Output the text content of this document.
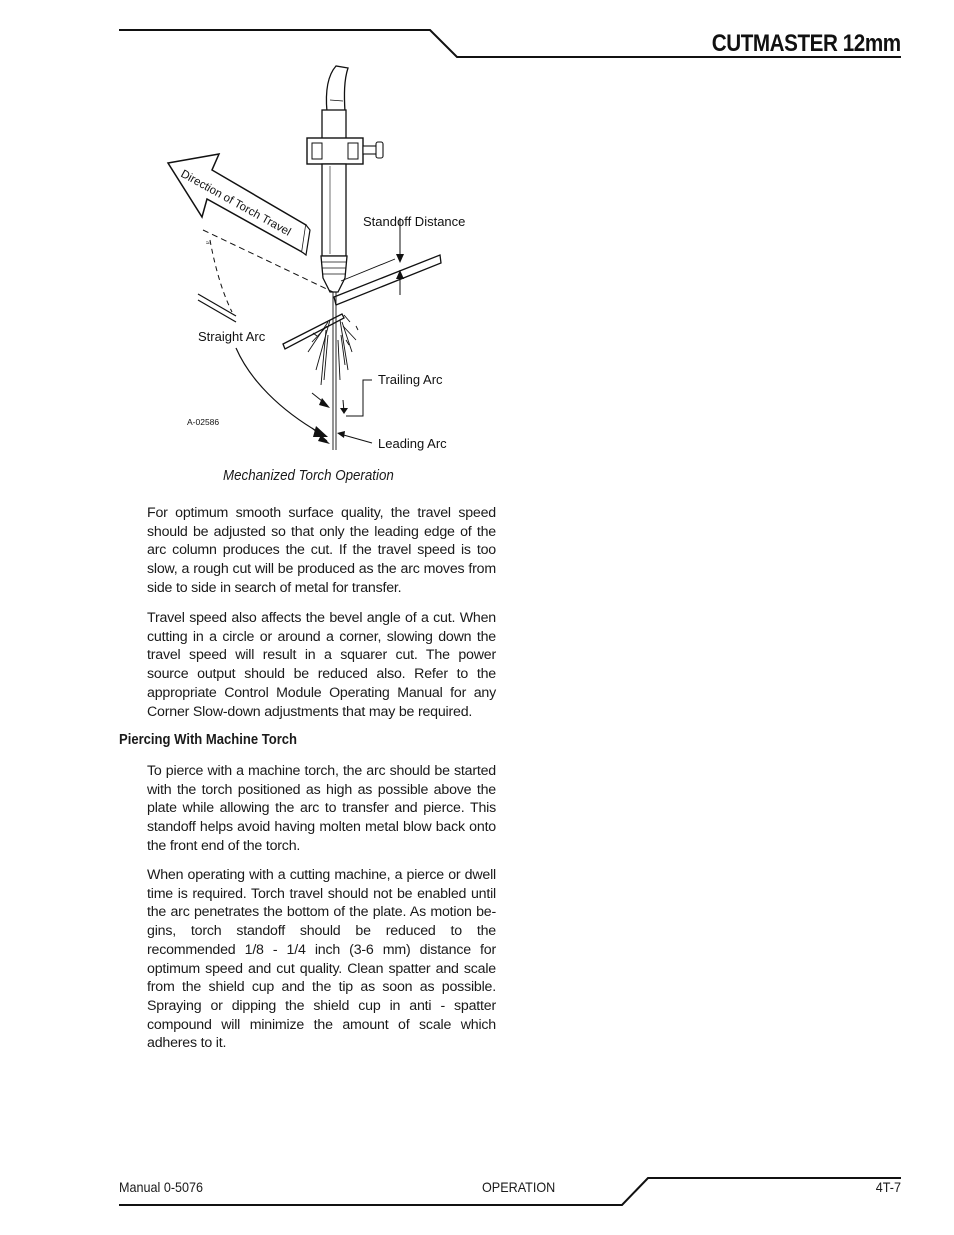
CUTMASTER 12mm
Direction of Torch Travel
≈
Standoff Distance
Straight Arc
Trailing Arc
Leading Arc
A-02586
Mechanized Torch Operation

For optimum smooth surface quality, the travel speed should be adjusted so that only the leading edge of the arc column produces the cut. If the travel speed is too slow, a rough cut will be produced as the arc moves from side to side in search of metal for transfer.

Travel speed also affects the bevel angle of a cut. When cutting in a circle or around a corner, slowing down the travel speed will result in a squarer cut. The power source output should be reduced also. Refer to the appropriate Control Module Operating Manual for any Corner Slow-down adjustments that may be required.

Piercing With Machine Torch

To pierce with a machine torch, the arc should be started with the torch positioned as high as possible above the plate while allowing the arc to transfer and pierce. This standoff helps avoid having molten metal blow back onto the front end of the torch.

When operating with a cutting machine, a pierce or dwell time is required. Torch travel should not be enabled until the arc penetrates the bottom of the plate. As motion be-gins, torch standoff should be reduced to the recommended 1/8 - 1/4 inch (3-6 mm) distance for optimum speed and cut quality. Clean spatter and scale from the shield cup and the tip as soon as possible. Spraying or dipping the shield cup in anti - spatter compound will minimize the amount of scale which adheres to it.

Manual 0-5076	OPERATION	4T-7
